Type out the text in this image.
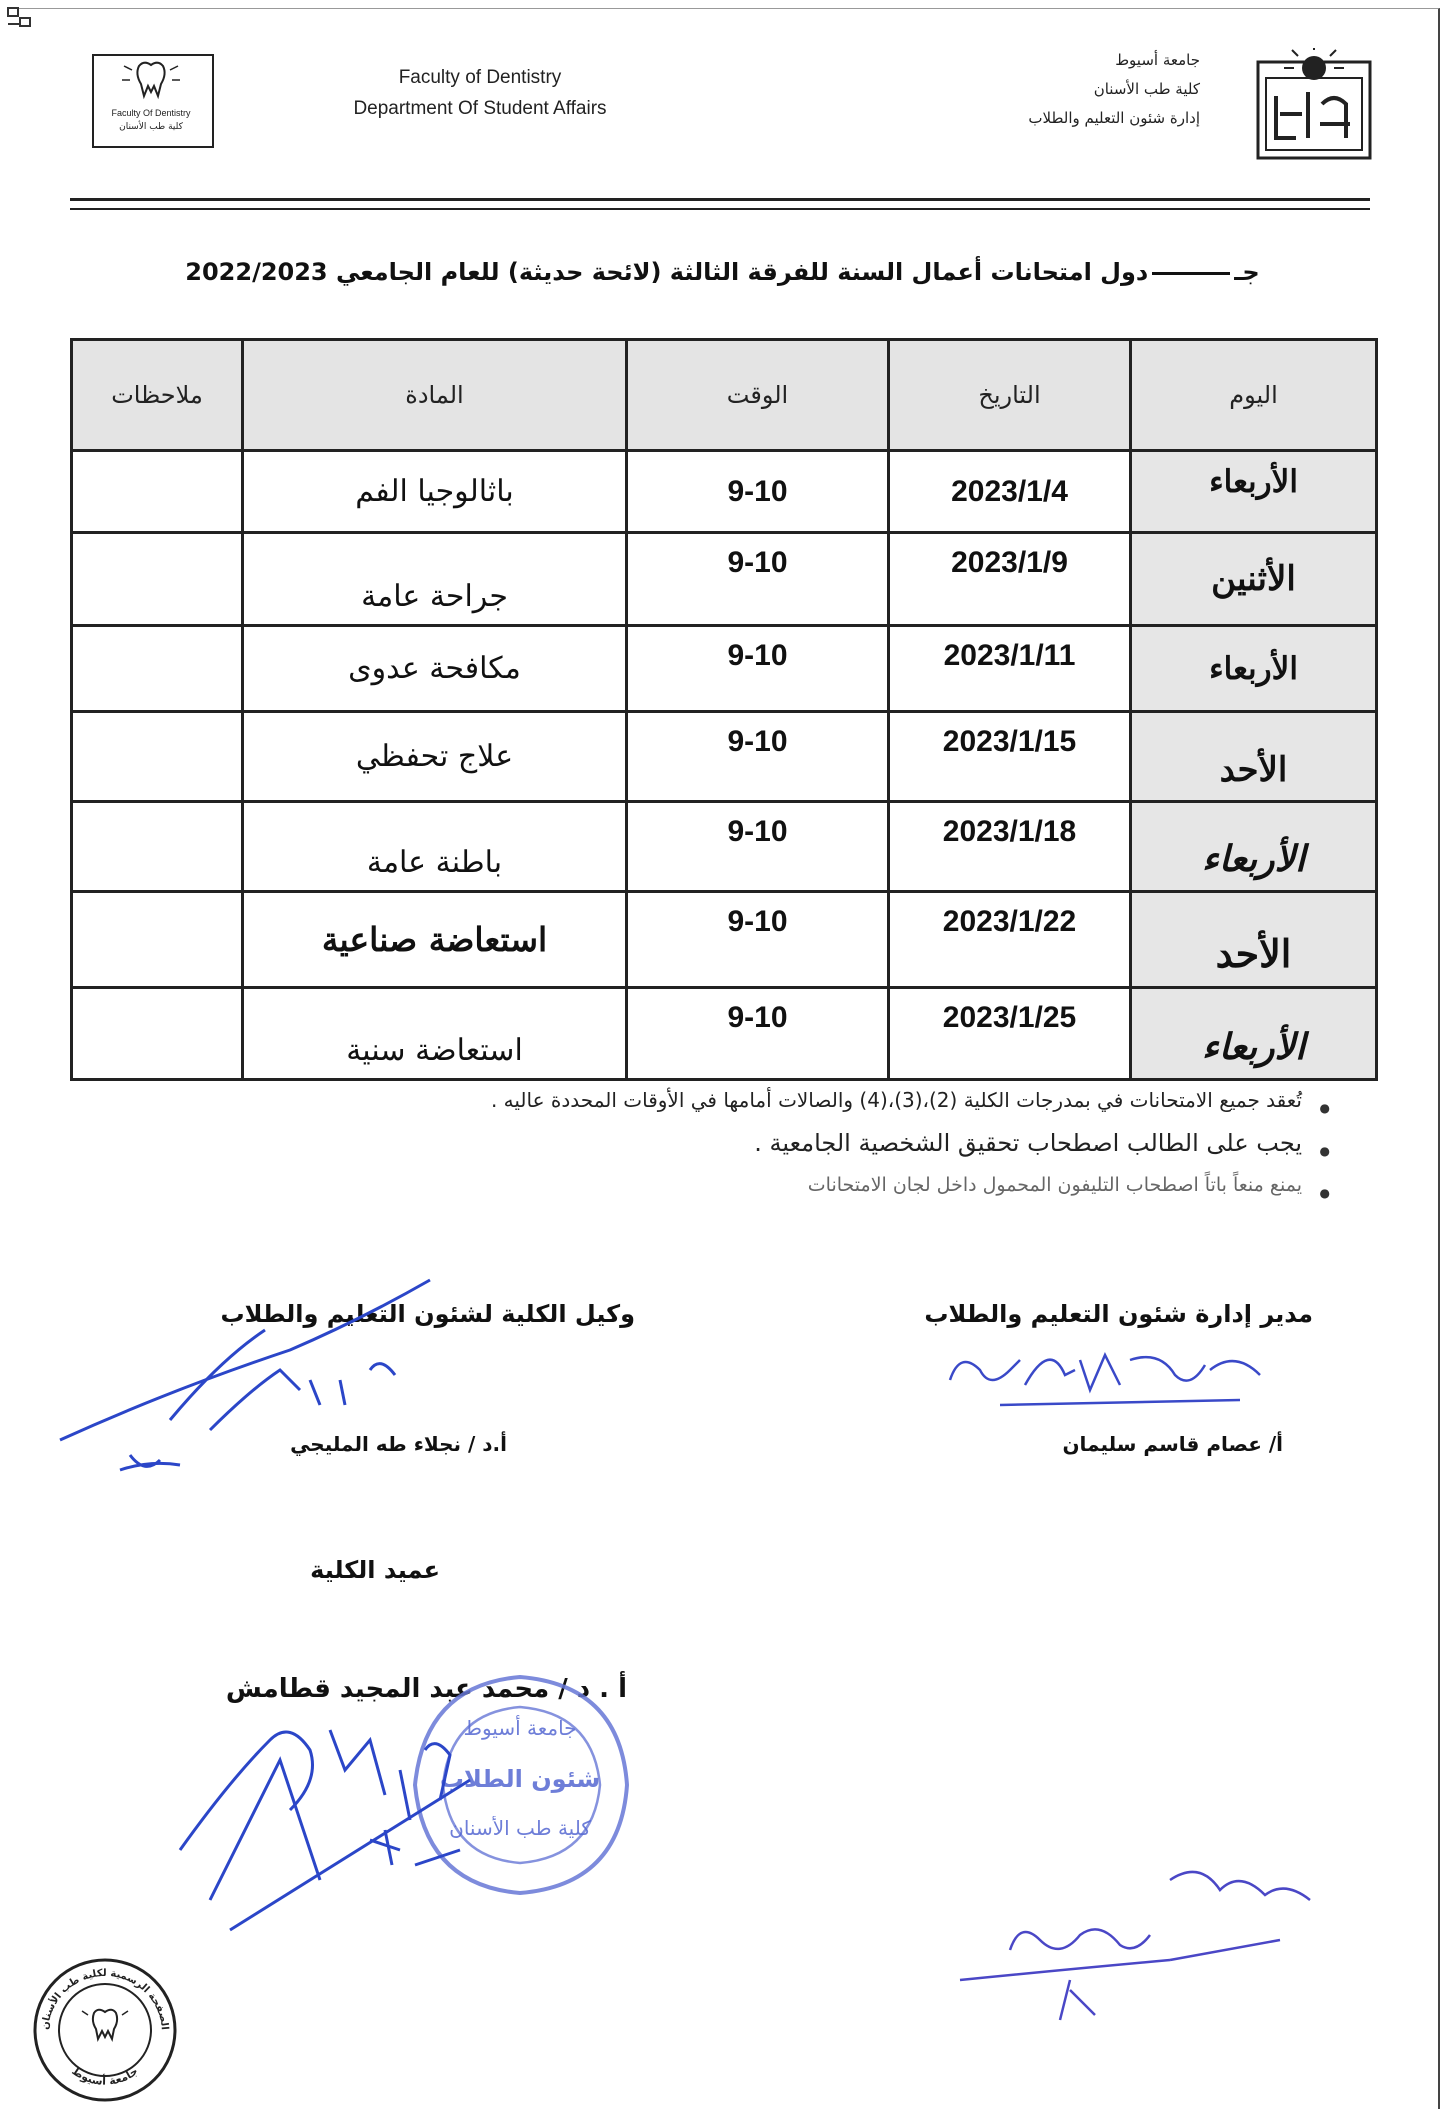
Faculty Of Dentistry
كلية طب الأسنان
Faculty of Dentistry
Department Of Student Affairs
جامعة أسيوط
كلية طب الأسنان
إدارة شئون التعليم والطلاب
جـدول امتحانات أعمال السنة للفرقة الثالثة (لائحة حديثة) للعام الجامعي 2022/2023
اليوم	التاريخ	الوقت	المادة	ملاحظات
الأربعاء	2023/1/4	9-10	باثالوجيا الفم	
الأثنين	2023/1/9	9-10	جراحة عامة	
الأربعاء	2023/1/11	9-10	مكافحة عدوى	
الأحد	2023/1/15	9-10	علاج تحفظي	
الأربعاء	2023/1/18	9-10	باطنة عامة	
الأحد	2023/1/22	9-10	استعاضة صناعية	
الأربعاء	2023/1/25	9-10	استعاضة سنية	
● تُعقد جميع الامتحانات في بمدرجات الكلية (2)،(3)،(4) والصالات أمامها في الأوقات المحددة عاليه .
● يجب على الطالب اصطحاب تحقيق الشخصية الجامعية .
● يمنع منعاً باتاً اصطحاب التليفون المحمول داخل لجان الامتحانات
مدير إدارة شئون التعليم والطلاب
وكيل الكلية لشئون التعليم والطلاب
أ/ عصام قاسم سليمان
أ.د / نجلاء طه المليجي
عميد الكلية
أ . د / محمد عبد المجيد قطامش
جامعة أسيوط
شئون الطلاب
كلية طب الأسنان
الصفحة الرسمية لكلية طب الأسنان
جامعة أسيوط
